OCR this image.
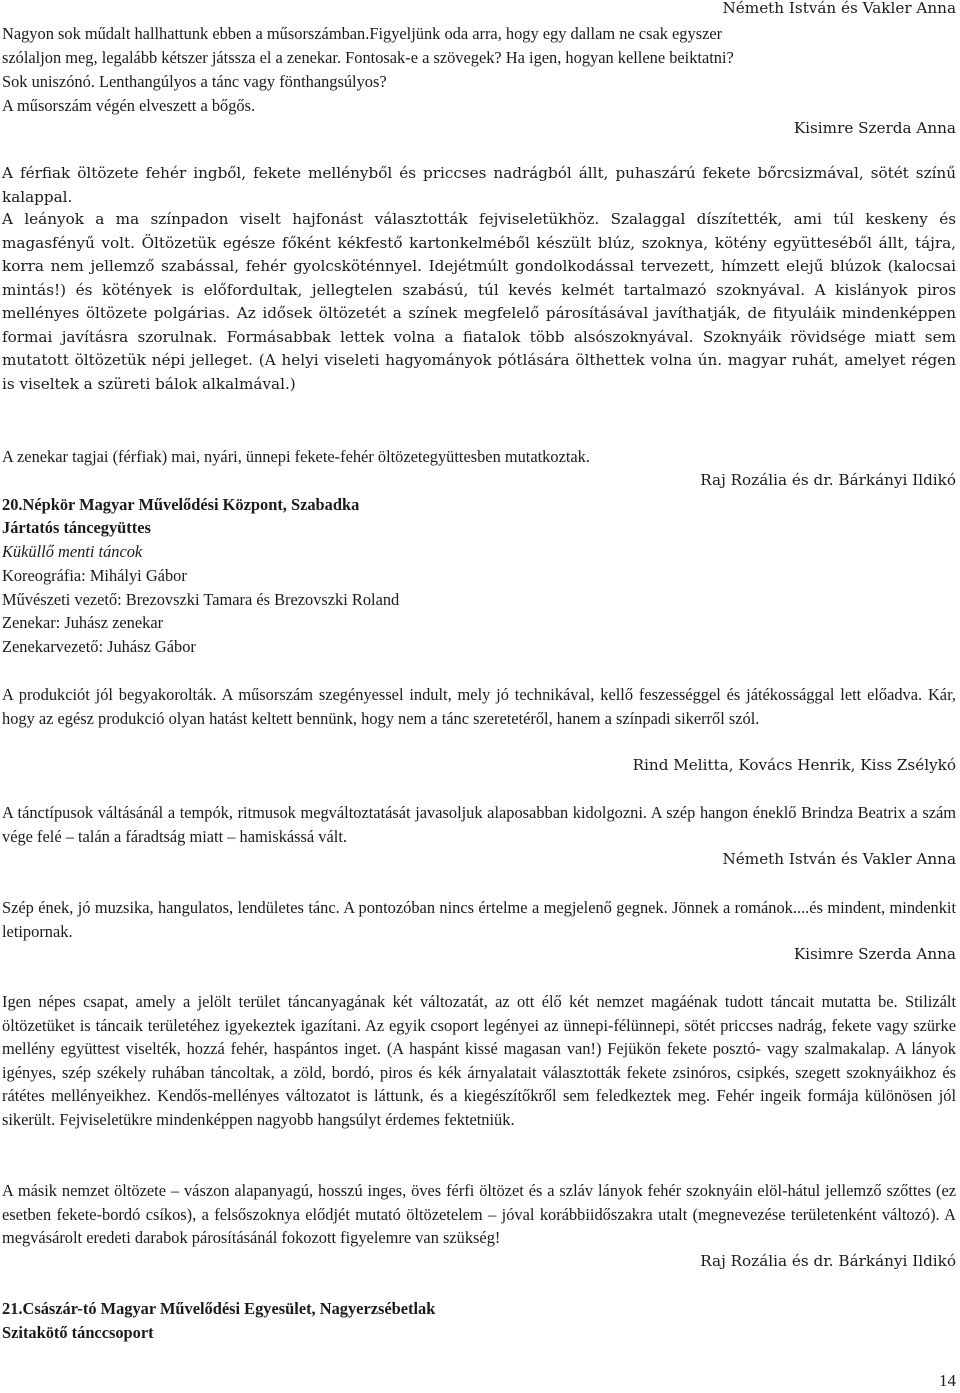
Németh István és Vakler Anna

Nagyon sok műdalt hallhattunk ebben a műsorszámban.Figyeljünk oda arra, hogy egy dallam ne csak egyszer

szólaljon meg, legalább kétszer játssza el a zenekar. Fontosak-e a szövegek? Ha igen, hogyan kellene beiktatni?

Sok uniszónó. Lenthangúlyos a tánc vagy fönthangsúlyos?

A műsorszám végén elveszett a bőgős.

Kisimre Szerda Anna

A férfiak öltözete fehér ingből, fekete mellényből és priccses nadrágból állt, puhaszárú fekete bőrcsizmával, sötét színű kalappal.

A leányok a ma színpadon viselt hajfonást választották fejviseletükhöz. Szalaggal díszítették, ami túl keskeny és magasfényű volt. Öltözetük egésze főként kékfestő kartonkelméből készült blúz, szoknya, kötény együtteséből állt, tájra, korra nem jellemző szabással, fehér gyolcsköténnyel. Idejétmúlt gondolkodással tervezett, hímzett elejű blúzok (kalocsai mintás!) és kötények is előfordultak, jellegtelen szabású, túl kevés kelmét tartalmazó szoknyával. A kislányok piros mellényes öltözete polgárias. Az idősek öltözetét a színek megfelelő párosításával javíthatják, de fityuláik mindenképpen formai javításra szorulnak. Formásabbak lettek volna a fiatalok több alsószoknyával. Szoknyáik rövidsége miatt sem mutatott öltözetük népi jelleget. (A helyi viseleti hagyományok pótlására ölthettek volna ún. magyar ruhát, amelyet régen is viseltek a szüreti bálok alkalmával.)

A zenekar tagjai (férfiak) mai, nyári, ünnepi fekete-fehér öltözetegyüttesben mutatkoztak.

Raj Rozália és dr. Bárkányi Ildikó

20.Népkör Magyar Művelődési Központ, Szabadka

Jártatós táncegyüttes

Küküllő menti táncok

Koreográfia: Mihályi Gábor

Művészeti vezető: Brezovszki Tamara és Brezovszki Roland

Zenekar: Juhász zenekar

Zenekarvezető: Juhász Gábor

A produkciót jól begyakorolták. A műsorszám szegényessel indult, mely jó technikával, kellő feszességgel és játékossággal lett előadva. Kár, hogy az egész produkció olyan hatást keltett bennünk, hogy nem a tánc szeretetéről, hanem a színpadi sikerről szól.

Rind Melitta, Kovács Henrik, Kiss Zsélykó

A tánctípusok váltásánál a tempók, ritmusok megváltoztatását javasoljuk alaposabban kidolgozni. A szép hangon éneklő Brindza Beatrix a szám vége felé – talán a fáradtság miatt – hamiskássá vált.

Németh István és Vakler Anna

Szép ének, jó muzsika, hangulatos, lendületes tánc. A pontozóban nincs értelme a megjelenő gegnek. Jönnek a románok....és mindent, mindenkit letipornak.

Kisimre Szerda Anna

Igen népes csapat, amely a jelölt terület táncanyagának két változatát, az ott élő két nemzet magáénak tudott táncait mutatta be. Stilizált öltözetüket is táncaik területéhez igyekeztek igazítani. Az egyik csoport legényei az ünnepi-félünnepi, sötét priccses nadrág, fekete vagy szürke mellény együttest viselték, hozzá fehér, haspántos inget. (A haspánt kissé magasan van!) Fejükön fekete posztó- vagy szalmakalap. A lányok igényes, szép székely ruhában táncoltak, a zöld, bordó, piros és kék árnyalatait választották fekete zsinóros, csipkés, szegett szoknyáikhoz és rátétes mellényeikhez. Kendős-mellényes változatot is láttunk, és a kiegészítőkről sem feledkeztek meg. Fehér ingeik formája különösen jól sikerült. Fejviseletükre mindenképpen nagyobb hangsúlyt érdemes fektetniük.

A másik nemzet öltözete – vászon alapanyagú, hosszú inges, öves férfi öltözet és a szláv lányok fehér szoknyáin elöl-hátul jellemző szőttes (ez esetben fekete-bordó csíkos), a felsőszoknya elődjét mutató öltözetelem – jóval korábbiidőszakra utalt (megnevezése területenként változó). A megvásárolt eredeti darabok párosításánál fokozott figyelemre van szükség!

Raj Rozália és dr. Bárkányi Ildikó

21.Császár-tó Magyar Művelődési Egyesület, Nagyerzsébetlak

Szitakötő tánccsoport

14
